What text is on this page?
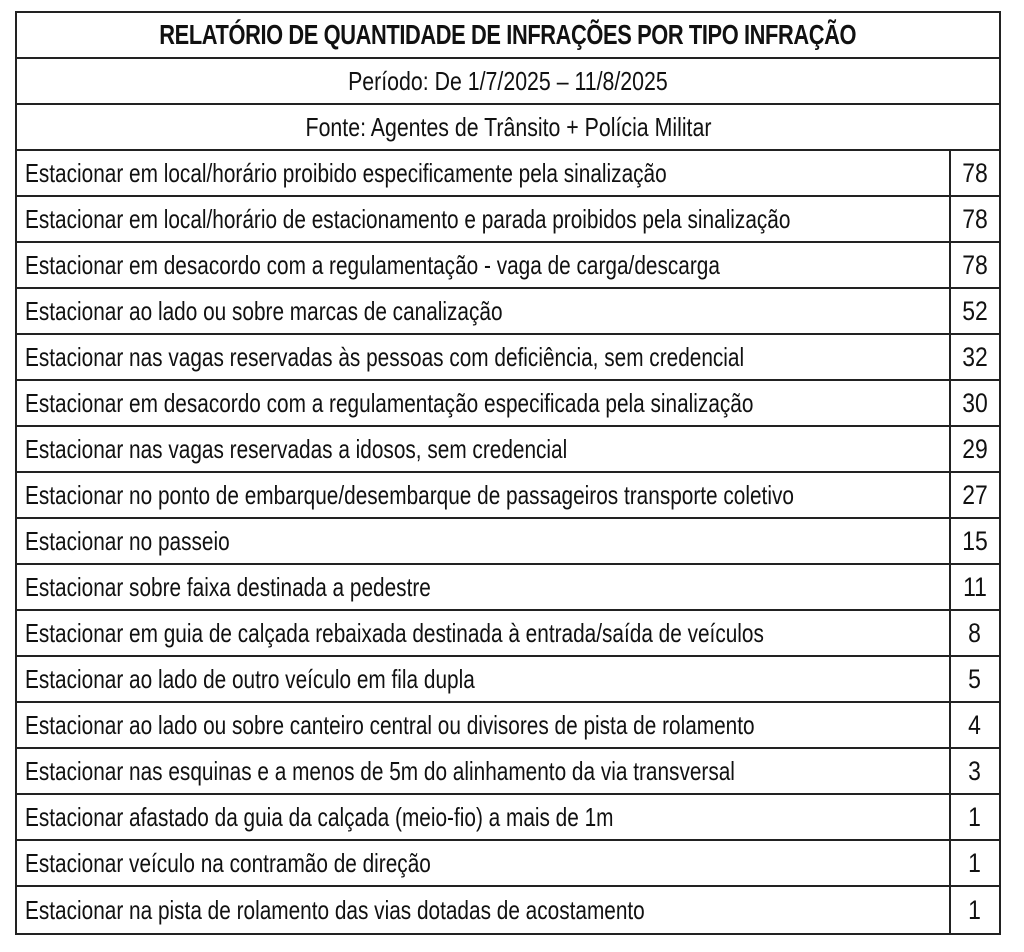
RELATÓRIO DE QUANTIDADE DE INFRAÇÕES POR TIPO INFRAÇÃO
Período: De 1/7/2025 – 11/8/2025
Fonte: Agentes de Trânsito + Polícia Militar
Estacionar em local/horário proibido especificamente pela sinalização	78
Estacionar em local/horário de estacionamento e parada proibidos pela sinalização	78
Estacionar em desacordo com a regulamentação - vaga de carga/descarga	78
Estacionar ao lado ou sobre marcas de canalização	52
Estacionar nas vagas reservadas às pessoas com deficiência, sem credencial	32
Estacionar em desacordo com a regulamentação especificada pela sinalização	30
Estacionar nas vagas reservadas a idosos, sem credencial	29
Estacionar no ponto de embarque/desembarque de passageiros transporte coletivo	27
Estacionar no passeio	15
Estacionar sobre faixa destinada a pedestre	11
Estacionar em guia de calçada rebaixada destinada à entrada/saída de veículos	8
Estacionar ao lado de outro veículo em fila dupla	5
Estacionar ao lado ou sobre canteiro central ou divisores de pista de rolamento	4
Estacionar nas esquinas e a menos de 5m do alinhamento da via transversal	3
Estacionar afastado da guia da calçada (meio-fio) a mais de 1m	1
Estacionar veículo na contramão de direção	1
Estacionar na pista de rolamento das vias dotadas de acostamento	1
